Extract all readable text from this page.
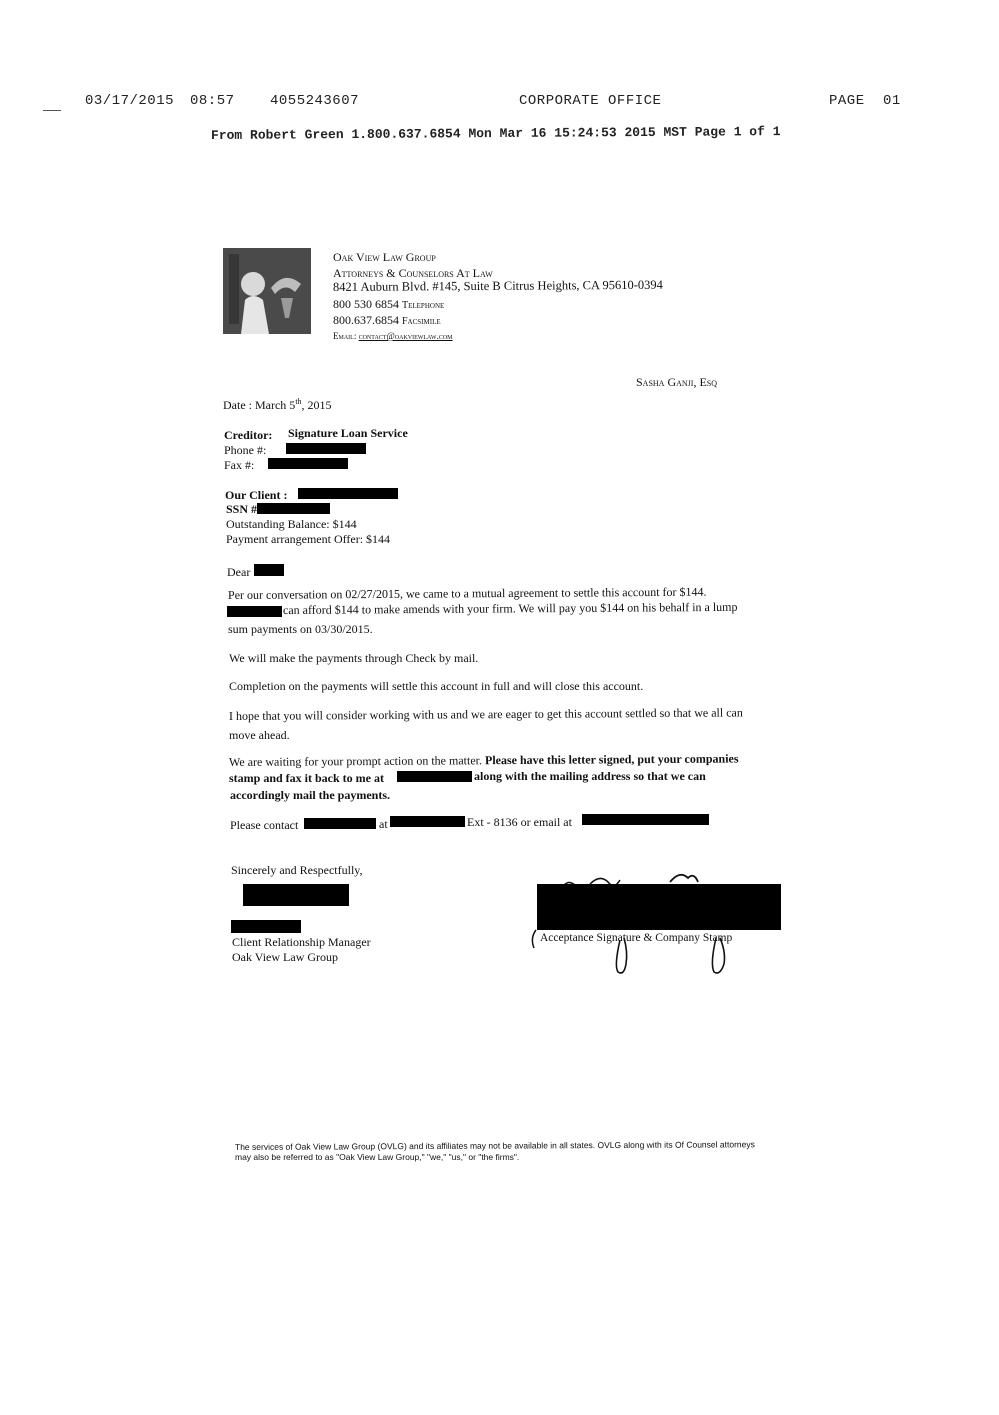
03/17/2015 08:57	4055243607	CORPORATE OFFICE	PAGE 01
From Robert Green 1.800.637.6854 Mon Mar 16 15:24:53 2015 MST Page 1 of 1
Oak View Law Group
Attorneys & Counselors At Law
8421 Auburn Blvd. #145, Suite B Citrus Heights, CA 95610-0394
800 530 6854 Telephone
800.637.6854 Facsimile
Email: contact@oakviewlaw.com
Sasha Ganji, Esq
Date : March 5th, 2015
Creditor: Signature Loan Service
Phone #:
Fax #:
Our Client :
SSN #
Outstanding Balance: $144
Payment arrangement Offer: $144
Dear
Per our conversation on 02/27/2015, we came to a mutual agreement to settle this account for $144.
can afford $144 to make amends with your firm. We will pay you $144 on his behalf in a lump
sum payments on 03/30/2015.
We will make the payments through Check by mail.
Completion on the payments will settle this account in full and will close this account.
I hope that you will consider working with us and we are eager to get this account settled so that we all can
move ahead.
We are waiting for your prompt action on the matter. Please have this letter signed, put your companies
stamp and fax it back to me at	along with the mailing address so that we can
accordingly mail the payments.
Please contact	at	Ext - 8136 or email at
Sincerely and Respectfully,
Client Relationship Manager
Oak View Law Group
Acceptance Signature & Company Stamp
The services of Oak View Law Group (OVLG) and its affiliates may not be available in all states. OVLG along with its Of Counsel attorneys
may also be referred to as "Oak View Law Group," "we," "us," or "the firms".
